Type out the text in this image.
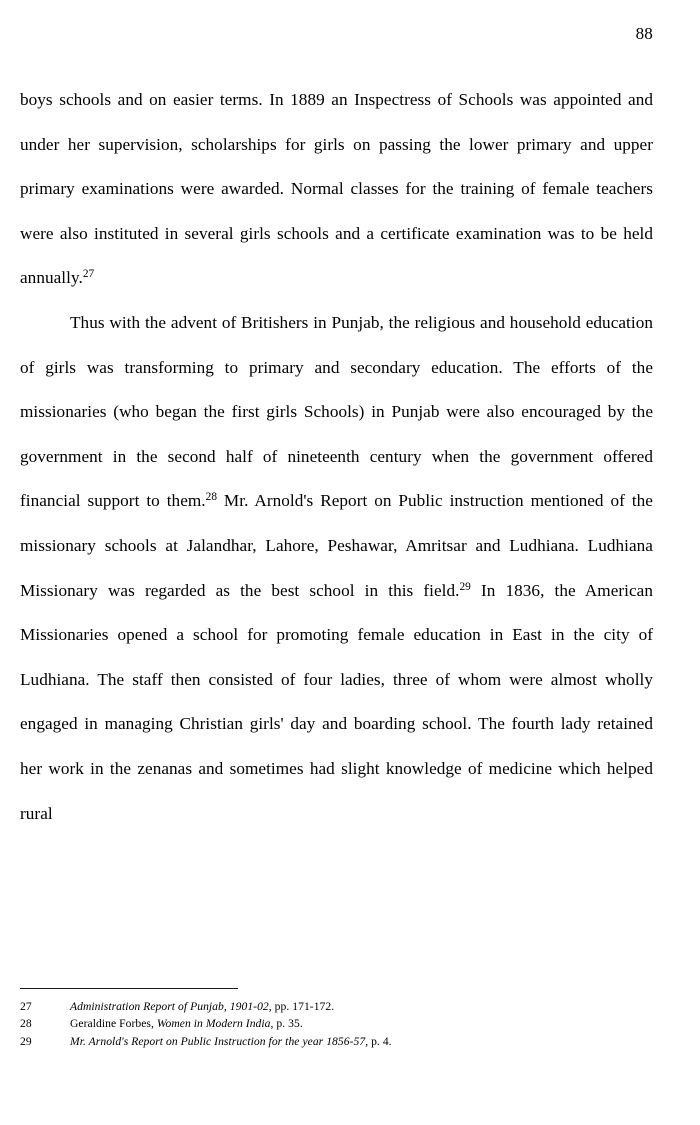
88

boys schools and on easier terms. In 1889 an Inspectress of Schools was appointed and under her supervision, scholarships for girls on passing the lower primary and upper primary examinations were awarded. Normal classes for the training of female teachers were also instituted in several girls schools and a certificate examination was to be held annually.$^{27}$

Thus with the advent of Britishers in Punjab, the religious and household education of girls was transforming to primary and secondary education. The efforts of the missionaries (who began the first girls Schools) in Punjab were also encouraged by the government in the second half of nineteenth century when the government offered financial support to them.$^{28}$ Mr. Arnold's Report on Public instruction mentioned of the missionary schools at Jalandhar, Lahore, Peshawar, Amritsar and Ludhiana. Ludhiana Missionary was regarded as the best school in this field.$^{29}$ In 1836, the American Missionaries opened a school for promoting female education in East in the city of Ludhiana. The staff then consisted of four ladies, three of whom were almost wholly engaged in managing Christian girls' day and boarding school. The fourth lady retained her work in the zenanas and sometimes had slight knowledge of medicine which helped rural

27	Administration Report of Punjab, 1901-02, pp. 171-172.
28	Geraldine Forbes, Women in Modern India, p. 35.
29	Mr. Arnold's Report on Public Instruction for the year 1856-57, p. 4.
